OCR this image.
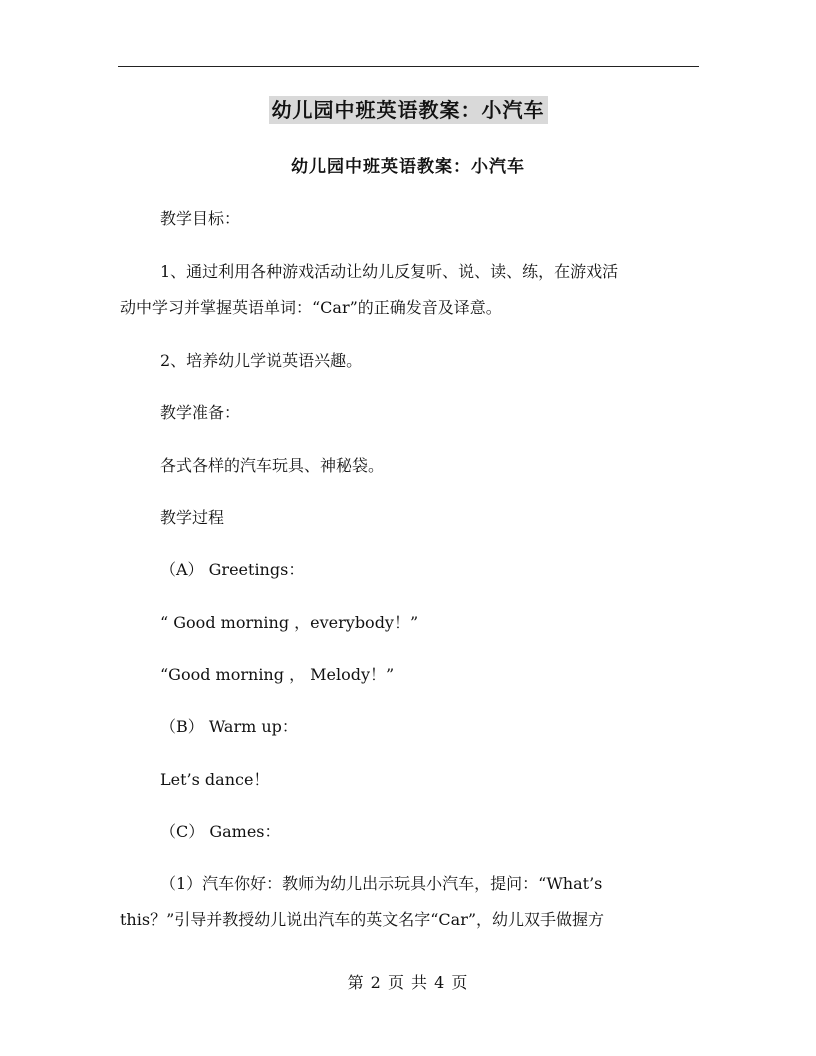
幼儿园中班英语教案：小汽车
幼儿园中班英语教案：小汽车
教学目标：
1、通过利用各种游戏活动让幼儿反复听、说、读、练，在游戏活
动中学习并掌握英语单词：“Car”的正确发音及译意。
2、培养幼儿学说英语兴趣。
教学准备：
各式各样的汽车玩具、神秘袋。
教学过程
（A） Greetings：
“ Good morning ，everybody！”
“Good morning ， Melody！”
（B） Warm up：
Let’s dance！
（C） Games：
（1）汽车你好：教师为幼儿出示玩具小汽车，提问：“What’s
this？”引导并教授幼儿说出汽车的英文名字“Car”，幼儿双手做握方
第 2 页 共 4 页
